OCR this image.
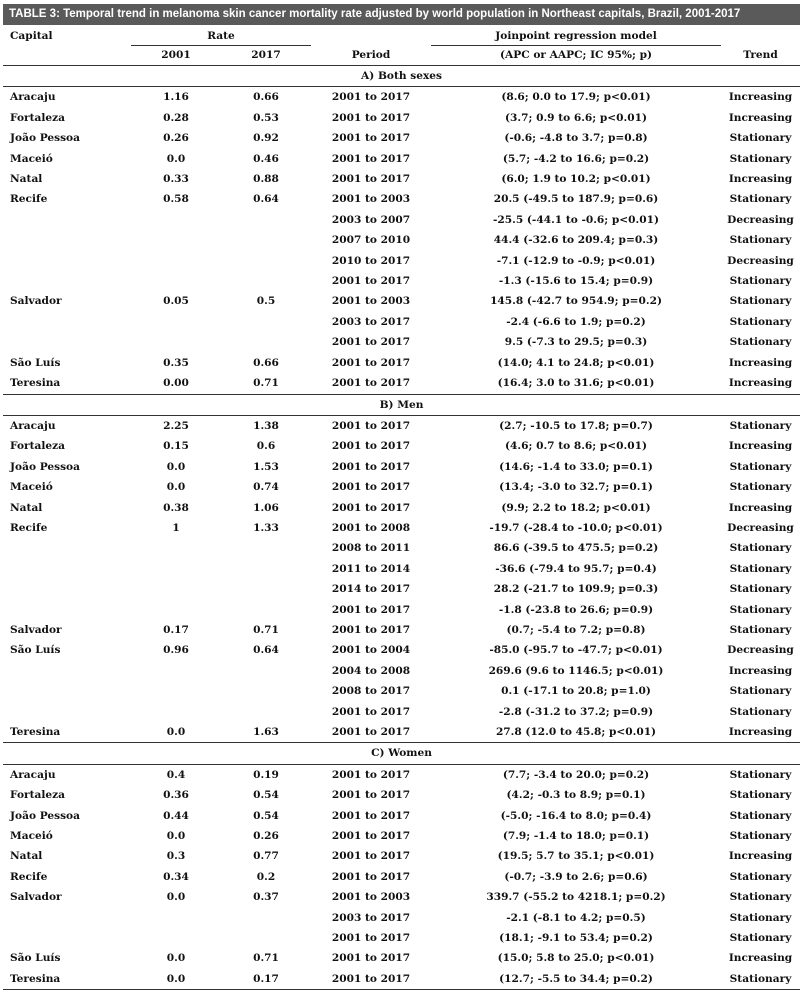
TABLE 3: Temporal trend in melanoma skin cancer mortality rate adjusted by world population in Northeast capitals, Brazil, 2001-2017
Capital	Rate			Joinpoint regression model	
	2001	2017	Period	(APC or AAPC; IC 95%; p)	Trend
A) Both sexes					
Aracaju	1.16	0.66	2001 to 2017	(8.6; 0.0 to 17.9; p<0.01)	Increasing
Fortaleza	0.28	0.53	2001 to 2017	(3.7; 0.9 to 6.6; p<0.01)	Increasing
João Pessoa	0.26	0.92	2001 to 2017	(-0.6; -4.8 to 3.7; p=0.8)	Stationary
Maceió	0.0	0.46	2001 to 2017	(5.7; -4.2 to 16.6; p=0.2)	Stationary
Natal	0.33	0.88	2001 to 2017	(6.0; 1.9 to 10.2; p<0.01)	Increasing
Recife	0.58	0.64	2001 to 2003	20.5 (-49.5 to 187.9; p=0.6)	Stationary
			2003 to 2007	-25.5 (-44.1 to -0.6; p<0.01)	Decreasing
			2007 to 2010	44.4 (-32.6 to 209.4; p=0.3)	Stationary
			2010 to 2017	-7.1 (-12.9 to -0.9; p<0.01)	Decreasing
			2001 to 2017	-1.3 (-15.6 to 15.4; p=0.9)	Stationary
Salvador	0.05	0.5	2001 to 2003	145.8 (-42.7 to 954.9; p=0.2)	Stationary
			2003 to 2017	-2.4 (-6.6 to 1.9; p=0.2)	Stationary
			2001 to 2017	9.5 (-7.3 to 29.5; p=0.3)	Stationary
São Luís	0.35	0.66	2001 to 2017	(14.0; 4.1 to 24.8; p<0.01)	Increasing
Teresina	0.00	0.71	2001 to 2017	(16.4; 3.0 to 31.6; p<0.01)	Increasing
B) Men					
Aracaju	2.25	1.38	2001 to 2017	(2.7; -10.5 to 17.8; p=0.7)	Stationary
Fortaleza	0.15	0.6	2001 to 2017	(4.6; 0.7 to 8.6; p<0.01)	Increasing
João Pessoa	0.0	1.53	2001 to 2017	(14.6; -1.4 to 33.0; p=0.1)	Stationary
Maceió	0.0	0.74	2001 to 2017	(13.4; -3.0 to 32.7; p=0.1)	Stationary
Natal	0.38	1.06	2001 to 2017	(9.9; 2.2 to 18.2; p<0.01)	Increasing
Recife	1	1.33	2001 to 2008	-19.7 (-28.4 to -10.0; p<0.01)	Decreasing
			2008 to 2011	86.6 (-39.5 to 475.5; p=0.2)	Stationary
			2011 to 2014	-36.6 (-79.4 to 95.7; p=0.4)	Stationary
			2014 to 2017	28.2 (-21.7 to 109.9; p=0.3)	Stationary
			2001 to 2017	-1.8 (-23.8 to 26.6; p=0.9)	Stationary
Salvador	0.17	0.71	2001 to 2017	(0.7; -5.4 to 7.2; p=0.8)	Stationary
São Luís	0.96	0.64	2001 to 2004	-85.0 (-95.7 to -47.7; p<0.01)	Decreasing
			2004 to 2008	269.6 (9.6 to 1146.5; p<0.01)	Increasing
			2008 to 2017	0.1 (-17.1 to 20.8; p=1.0)	Stationary
			2001 to 2017	-2.8 (-31.2 to 37.2; p=0.9)	Stationary
Teresina	0.0	1.63	2001 to 2017	27.8 (12.0 to 45.8; p<0.01)	Increasing
C) Women					
Aracaju	0.4	0.19	2001 to 2017	(7.7; -3.4 to 20.0; p=0.2)	Stationary
Fortaleza	0.36	0.54	2001 to 2017	(4.2; -0.3 to 8.9; p=0.1)	Stationary
João Pessoa	0.44	0.54	2001 to 2017	(-5.0; -16.4 to 8.0; p=0.4)	Stationary
Maceió	0.0	0.26	2001 to 2017	(7.9; -1.4 to 18.0; p=0.1)	Stationary
Natal	0.3	0.77	2001 to 2017	(19.5; 5.7 to 35.1; p<0.01)	Increasing
Recife	0.34	0.2	2001 to 2017	(-0.7; -3.9 to 2.6; p=0.6)	Stationary
Salvador	0.0	0.37	2001 to 2003	339.7 (-55.2 to 4218.1; p=0.2)	Stationary
			2003 to 2017	-2.1 (-8.1 to 4.2; p=0.5)	Stationary
			2001 to 2017	(18.1; -9.1 to 53.4; p=0.2)	Stationary
São Luís	0.0	0.71	2001 to 2017	(15.0; 5.8 to 25.0; p<0.01)	Increasing
Teresina	0.0	0.17	2001 to 2017	(12.7; -5.5 to 34.4; p=0.2)	Stationary
